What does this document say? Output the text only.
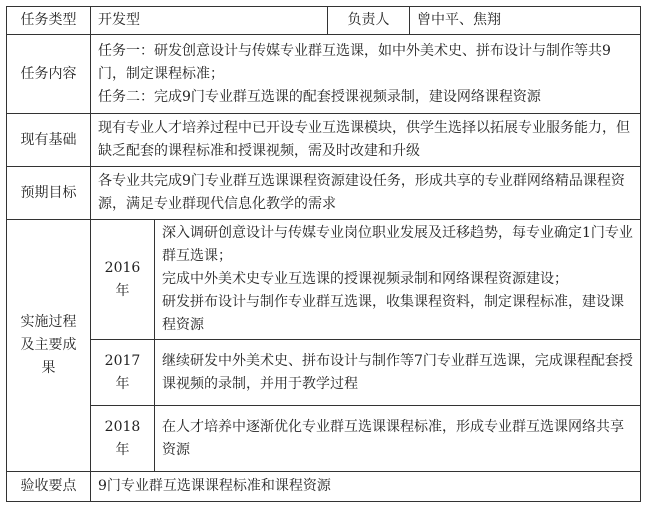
任务类型	开发型		负责人	曾中平、焦翔
任务内容	任务一：研发创意设计与传媒专业群互选课，如中外美术史、拼布设计与制作等共9门，制定课程标准；
任务二：完成9门专业群互选课的配套授课视频录制，建设网络课程资源			

现有基础	现有专业人才培养过程中已开设专业互选课模块，供学生选择以拓展专业服务能力，但缺乏配套的课程标准和授课视频，需及时改建和升级			
预期目标	各专业共完成9门专业群互选课课程资源建设任务，形成共享的专业群网络精品课程资源，满足专业群现代信息化教学的需求			
实施过程及主要成果	2016 年	深入调研创意设计与传媒专业岗位职业发展及迁移趋势，每专业确定1门专业群互选课；
完成中外美术史专业互选课的授课视频录制和网络课程资源建设；
研发拼布设计与制作专业群互选课，收集课程资料，制定课程标准，建设课程资源		

	2017 年	继续研发中外美术史、拼布设计与制作等7门专业群互选课，完成课程配套授课视频的录制，并用于教学过程		

	2018 年	在人才培养中逐渐优化专业群互选课课程标准，形成专业群互选课网络共享资源		

验收要点	9门专业群互选课课程标准和课程资源			
